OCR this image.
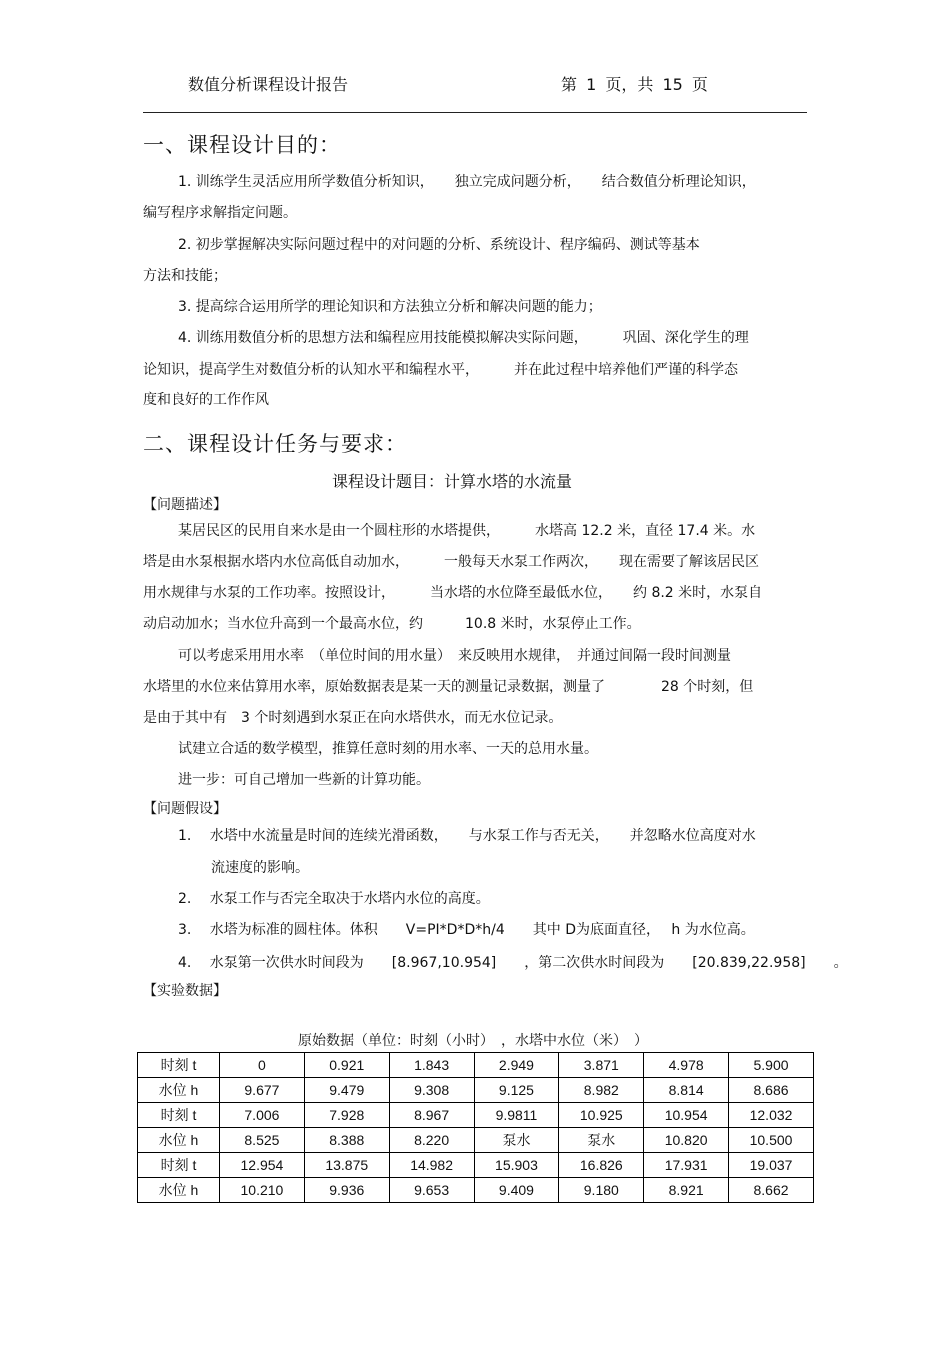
数值分析课程设计报告	第 1 页，共 15 页
一、课程设计目的：
1. 训练学生灵活应用所学数值分析知识，　　独立完成问题分析，　　结合数值分析理论知识，
编写程序求解指定问题。
2. 初步掌握解决实际问题过程中的对问题的分析、系统设计、程序编码、测试等基本
方法和技能；
3. 提高综合运用所学的理论知识和方法独立分析和解决问题的能力；
4. 训练用数值分析的思想方法和编程应用技能模拟解决实际问题，　　　巩固、深化学生的理
论知识，提高学生对数值分析的认知水平和编程水平，　　　并在此过程中培养他们严谨的科学态
度和良好的工作作风
二、课程设计任务与要求：
课程设计题目：计算水塔的水流量
【问题描述】
某居民区的民用自来水是由一个圆柱形的水塔提供，　　　水塔高 12.2 米，直径 17.4 米。水
塔是由水泵根据水塔内水位高低自动加水，　　　一般每天水泵工作两次，　　现在需要了解该居民区
用水规律与水泵的工作功率。按照设计，　　　当水塔的水位降至最低水位，　　约 8.2 米时，水泵自
动启动加水；当水位升高到一个最高水位，约　　　10.8 米时，水泵停止工作。
可以考虑采用用水率　（单位时间的用水量）　来反映用水规律，　并通过间隔一段时间测量
水塔里的水位来估算用水率，原始数据表是某一天的测量记录数据，测量了　　　　28 个时刻，但
是由于其中有　3 个时刻遇到水泵正在向水塔供水，而无水位记录。
试建立合适的数学模型，推算任意时刻的用水率、一天的总用水量。
进一步：可自己增加一些新的计算功能。
【问题假设】
1.　 水塔中水流量是时间的连续光滑函数，　　与水泵工作与否无关，　　并忽略水位高度对水
流速度的影响。
2.　 水泵工作与否完全取决于水塔内水位的高度。
3.　 水塔为标准的圆柱体。体积　　V=PI*D*D*h/4　　其中 D为底面直径，　 h 为水位高。
4.　 水泵第一次供水时间段为　　[8.967,10.954]　　，第二次供水时间段为　　[20.839,22.958]　　。
【实验数据】
原始数据（单位：时刻（小时）　，水塔中水位（米）　）
时刻 t	0	0.921	1.843	2.949	3.871	4.978	5.900
水位 h	9.677	9.479	9.308	9.125	8.982	8.814	8.686
时刻 t	7.006	7.928	8.967	9.9811	10.925	10.954	12.032
水位 h	8.525	8.388	8.220	泵水	泵水	10.820	10.500
时刻 t	12.954	13.875	14.982	15.903	16.826	17.931	19.037
水位 h	10.210	9.936	9.653	9.409	9.180	8.921	8.662
